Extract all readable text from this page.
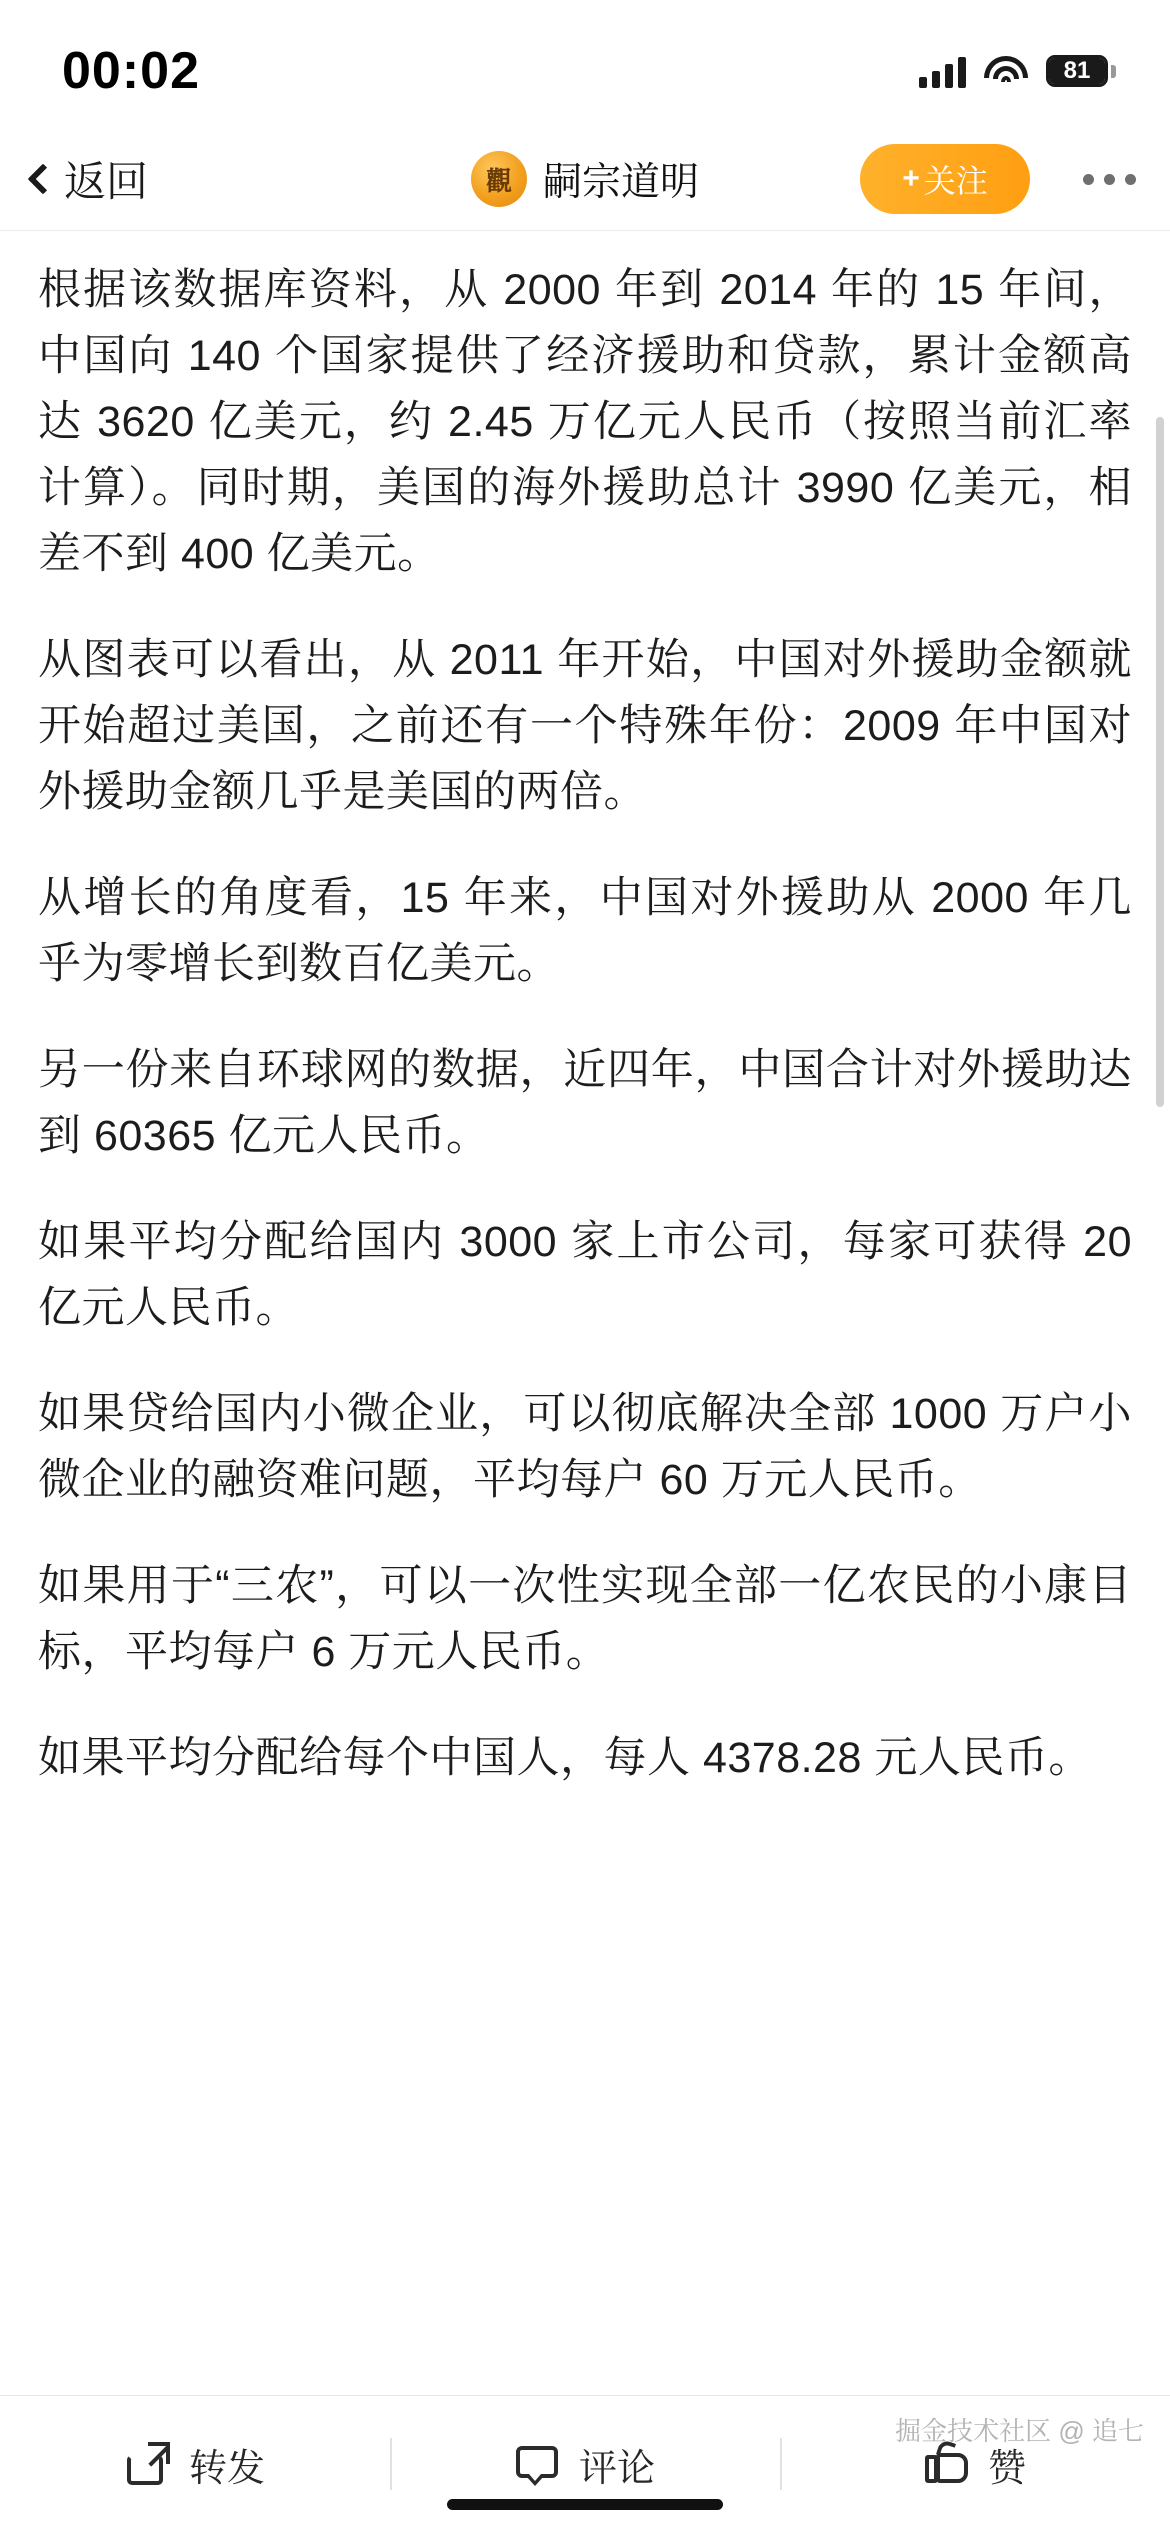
00:02	81
返回	觀 嗣宗道明	+ 关注

根据该数据库资料，从 2000 年到 2014 年的 15 年间，中国向 140 个国家提供了经济援助和贷款，累计金额高达 3620 亿美元，约 2.45 万亿元人民币（按照当前汇率计算）。同时期，美国的海外援助总计 3990 亿美元，相差不到 400 亿美元。

从图表可以看出，从 2011 年开始，中国对外援助金额就开始超过美国，之前还有一个特殊年份：2009 年中国对外援助金额几乎是美国的两倍。

从增长的角度看，15 年来，中国对外援助从 2000 年几乎为零增长到数百亿美元。

另一份来自环球网的数据，近四年，中国合计对外援助达到 60365 亿元人民币。

如果平均分配给国内 3000 家上市公司，每家可获得 20 亿元人民币。

如果贷给国内小微企业，可以彻底解决全部 1000 万户小微企业的融资难问题，平均每户 60 万元人民币。

如果用于“三农”，可以一次性实现全部一亿农民的小康目标，平均每户 6 万元人民币。

如果平均分配给每个中国人，每人 4378.28 元人民币。

转发	评论	赞
掘金技术社区 @ 追七
